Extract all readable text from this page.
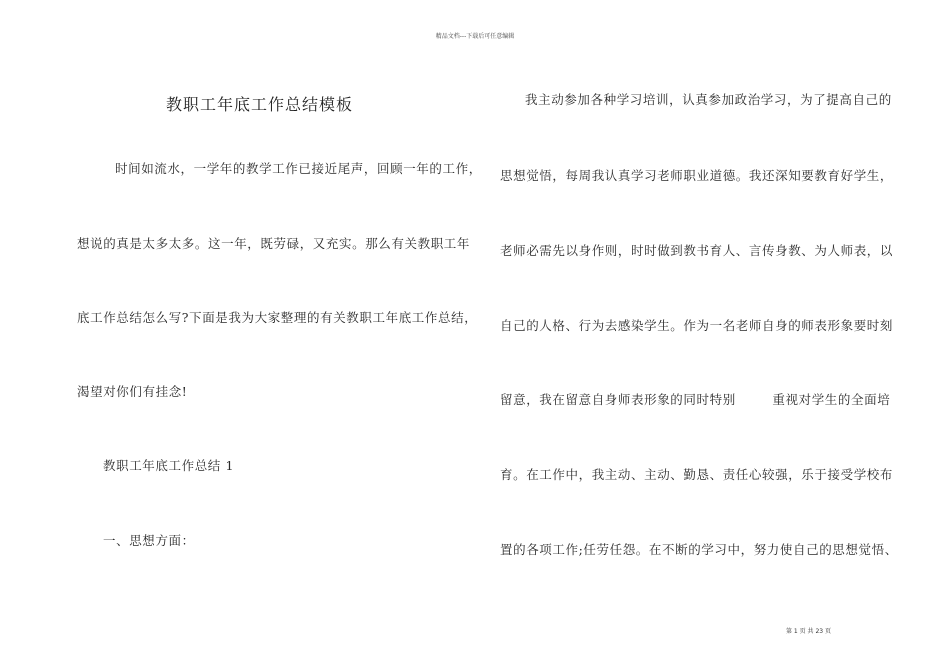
精品文档---下载后可任意编辑
教职工年底工作总结模板
时间如流水，一学年的教学工作已接近尾声，回顾一年的工作，
想说的真是太多太多。这一年，既劳碌，又充实。那么有关教职工年
底工作总结怎么写?下面是我为大家整理的有关教职工年底工作总结，
渴望对你们有挂念!
教职工年底工作总结 1
一、思想方面：
我主动参加各种学习培训，认真参加政治学习，为了提高自己的
思想觉悟，每周我认真学习老师职业道德。我还深知要教育好学生，
老师必需先以身作则，时时做到教书育人、言传身教、为人师表，以
自己的人格、行为去感染学生。作为一名老师自身的师表形象要时刻
留意，我在留意自身师表形象的同时特别        重视对学生的全面培
育。在工作中，我主动、主动、勤恳、责任心较强，乐于接受学校布
置的各项工作;任劳任怨。在不断的学习中，努力使自己的思想觉悟、
第 1 页 共 23 页
